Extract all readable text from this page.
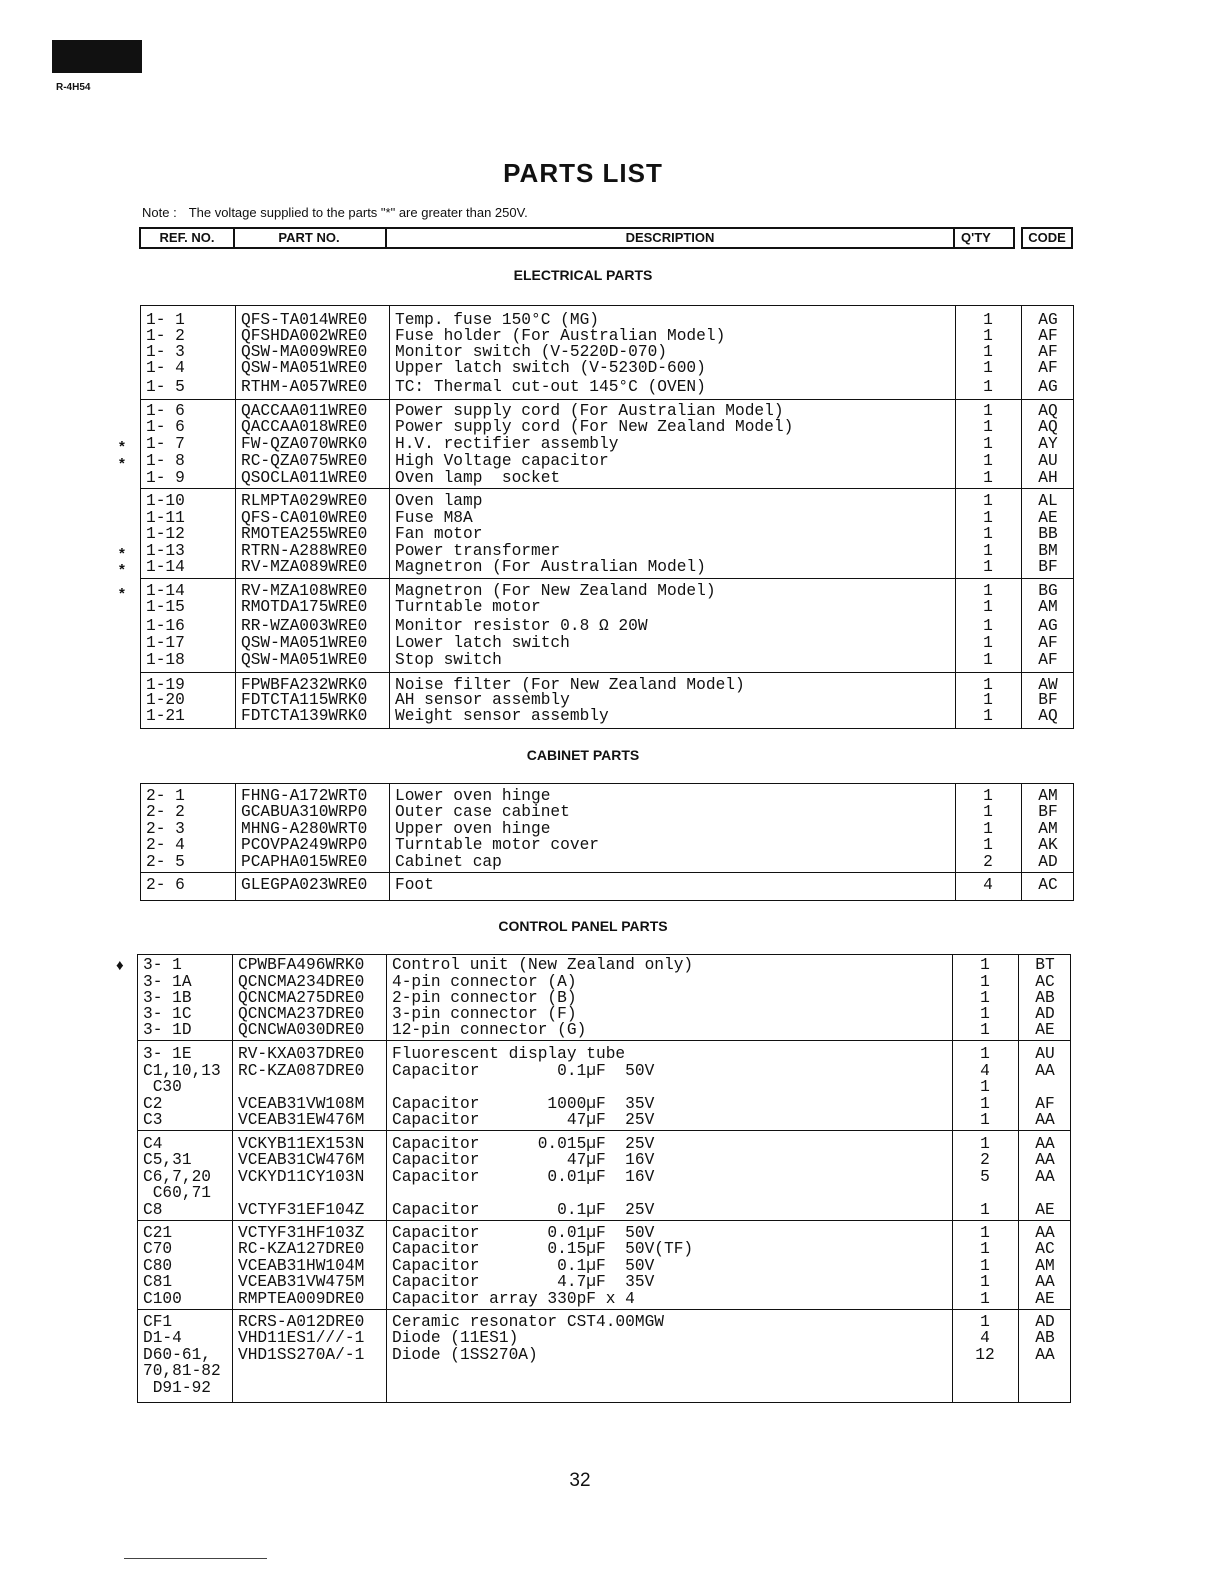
R-4H54
PARTS LIST
Note : The voltage supplied to the parts "*" are greater than 250V.
REF. NO.	PART NO.	DESCRIPTION	Q'TY	CODE
ELECTRICAL PARTS
1- 1	QFS-TA014WRE0 Temp. fuse 150°C (MG)	1	AG
1- 2	QFSHDA002WRE0 Fuse holder (For Australian Model)	1	AF
1- 3	QSW-MA009WRE0 Monitor switch (V-5220D-070)	1	AF
1- 4	QSW-MA051WRE0 Upper latch switch (V-5230D-600)	1	AF
1- 5	RTHM-A057WRE0 TC: Thermal cut-out 145°C (OVEN)	1	AG
1- 6	QACCAA011WRE0 Power supply cord (For Australian Model)	1	AQ
1- 6	QACCAA018WRE0 Power supply cord (For New Zealand Model)	1	AQ
1- 7	FW-QZA070WRK0 H.V. rectifier assembly	1	AY
*
1- 8	RC-QZA075WRE0 High Voltage capacitor	1	AU
*
1- 9	QSOCLA011WRE0 Oven lamp  socket	1	AH
1-10	RLMPTA029WRE0 Oven lamp	1	AL
1-11	QFS-CA010WRE0 Fuse M8A	1	AE
1-12	RMOTEA255WRE0 Fan motor	1	BB
1-13	RTRN-A288WRE0 Power transformer	1	BM
*
1-14	RV-MZA089WRE0 Magnetron (For Australian Model)	1	BF
*
1-14	RV-MZA108WRE0 Magnetron (For New Zealand Model)	1	BG
*
1-15	RMOTDA175WRE0 Turntable motor	1	AM
1-16	RR-WZA003WRE0 Monitor resistor 0.8 Ω 20W	1	AG
1-17	QSW-MA051WRE0 Lower latch switch	1	AF
1-18	QSW-MA051WRE0 Stop switch	1	AF
1-19	FPWBFA232WRK0 Noise filter (For New Zealand Model)	1	AW
1-20	FDTCTA115WRK0 AH sensor assembly	1	BF
1-21	FDTCTA139WRK0 Weight sensor assembly	1	AQ
CABINET PARTS
2- 1	FHNG-A172WRT0 Lower oven hinge	1	AM
2- 2	GCABUA310WRP0 Outer case cabinet	1	BF
2- 3	MHNG-A280WRT0 Upper oven hinge	1	AM
2- 4	PCOVPA249WRP0 Turntable motor cover	1	AK
2- 5	PCAPHA015WRE0 Cabinet cap	2	AD
2- 6	GLEGPA023WRE0 Foot	4	AC
CONTROL PANEL PARTS
3- 1	CPWBFA496WRK0 Control unit (New Zealand only)	1	BT
♦
3- 1A	QCNCMA234DRE0 4-pin connector (A)	1	AC
3- 1B	QCNCMA275DRE0 2-pin connector (B)	1	AB
3- 1C	QCNCMA237DRE0 3-pin connector (F)	1	AD
3- 1D	QCNCWA030DRE0 12-pin connector (G)	1	AE
3- 1E	RV-KXA037DRE0 Fluorescent display tube	1	AU
C1,10,13 RC-KZA087DRE0 Capacitor        0.1µF  50V	4	AA
C30	1
C2	VCEAB31VW108M Capacitor       1000µF  35V	1	AF
C3	VCEAB31EW476M Capacitor         47µF  25V	1	AA
C4	VCKYB11EX153N Capacitor      0.015µF  25V	1	AA
C5,31	VCEAB31CW476M Capacitor         47µF  16V	2	AA
C6,7,20 VCKYD11CY103N Capacitor       0.01µF  16V	5	AA
C60,71
C8	VCTYF31EF104Z Capacitor        0.1µF  25V	1	AE
C21	VCTYF31HF103Z Capacitor       0.01µF  50V	1	AA
C70	RC-KZA127DRE0 Capacitor       0.15µF  50V(TF)	1	AC
C80	VCEAB31HW104M Capacitor        0.1µF  50V	1	AM
C81	VCEAB31VW475M Capacitor        4.7µF  35V	1	AA
C100	RMPTEA009DRE0 Capacitor array 330pF x 4	1	AE
CF1	RCRS-A012DRE0 Ceramic resonator CST4.00MGW	1	AD
D1-4	VHD11ES1///-1 Diode (11ES1)	4	AB
D60-61, VHD1SS270A/-1 Diode (1SS270A)	12	AA
70,81-82
D91-92
32
